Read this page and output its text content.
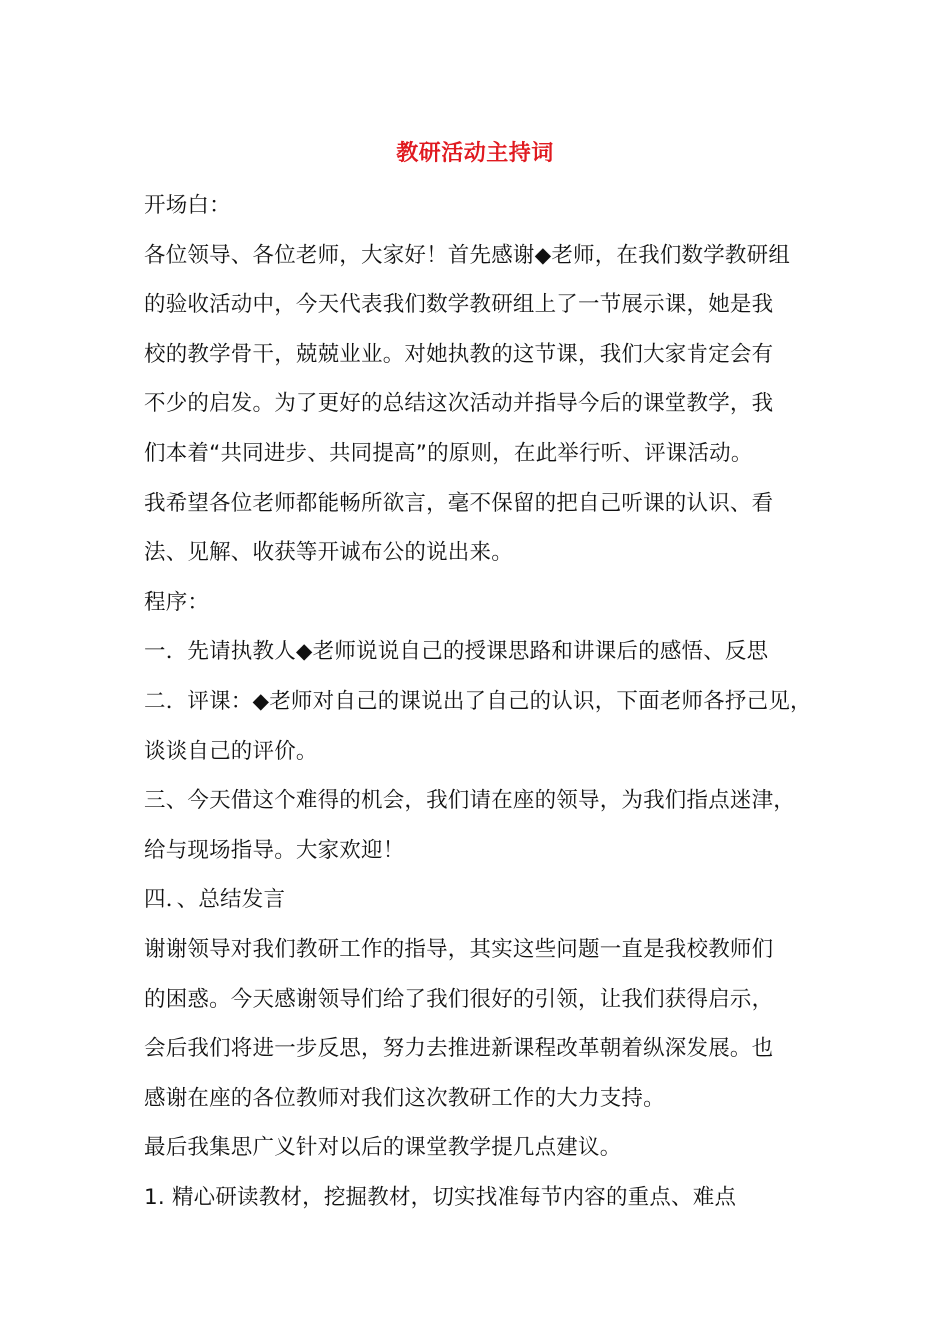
教研活动主持词
开场白：
各位领导、各位老师，大家好！首先感谢◆老师，在我们数学教研组
的验收活动中，今天代表我们数学教研组上了一节展示课，她是我
校的教学骨干，兢兢业业。对她执教的这节课，我们大家肯定会有
不少的启发。为了更好的总结这次活动并指导今后的课堂教学，我
们本着“共同进步、共同提高”的原则，在此举行听、评课活动。
我希望各位老师都能畅所欲言，毫不保留的把自己听课的认识、看
法、见解、收获等开诚布公的说出来。
程序：
一．先请执教人◆老师说说自己的授课思路和讲课后的感悟、反思
二．评课：◆老师对自己的课说出了自己的认识，下面老师各抒己见，
谈谈自己的评价。
三、今天借这个难得的机会，我们请在座的领导，为我们指点迷津，
给与现场指导。大家欢迎！
四．、总结发言
谢谢领导对我们教研工作的指导，其实这些问题一直是我校教师们
的困惑。今天感谢领导们给了我们很好的引领，让我们获得启示，
会后我们将进一步反思，努力去推进新课程改革朝着纵深发展。也
感谢在座的各位教师对我们这次教研工作的大力支持。
最后我集思广义针对以后的课堂教学提几点建议。
1. 精心研读教材，挖掘教材，切实找准每节内容的重点、难点
